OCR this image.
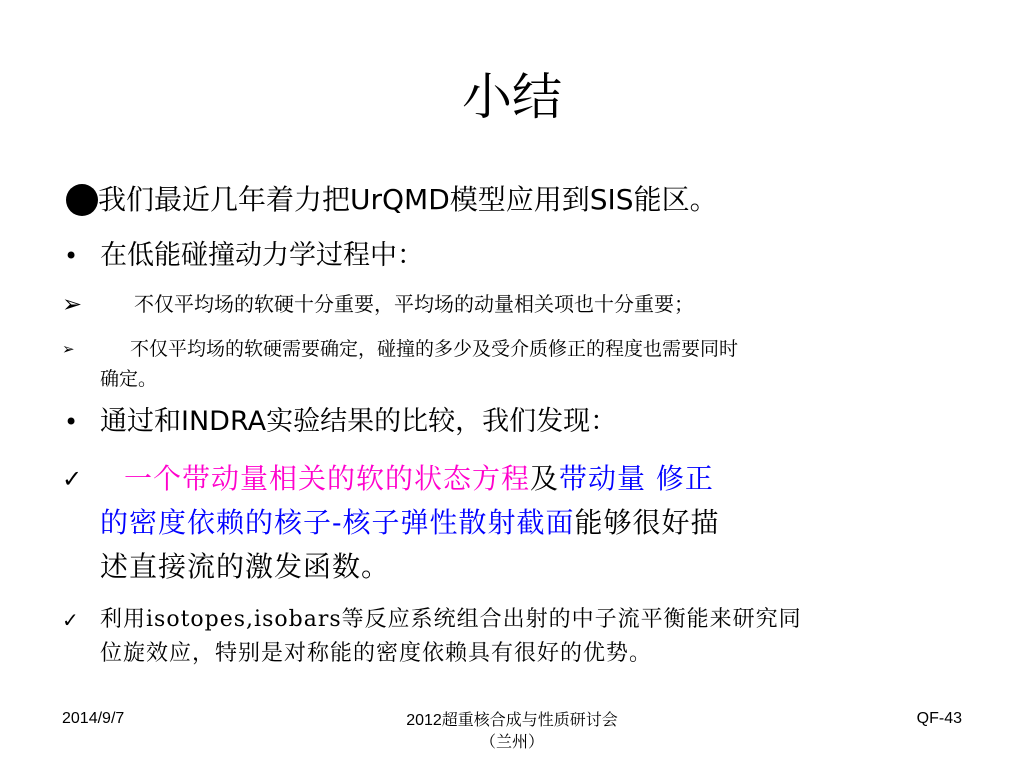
小结
我们最近几年着力把UrQMD模型应用到SIS能区。
• 在低能碰撞动力学过程中：
➢	不仅平均场的软硬十分重要，平均场的动量相关项也十分重要；
➢	不仅平均场的软硬需要确定，碰撞的多少及受介质修正的程度也需要同时
确定。
• 通过和INDRA实验结果的比较，我们发现：
✓ 一个带动量相关的软的状态方程及带动量 修正
的密度依赖的核子-核子弹性散射截面能够很好描
述直接流的激发函数。
✓ 利用isotopes,isobars等反应系统组合出射的中子流平衡能来研究同
位旋效应，特别是对称能的密度依赖具有很好的优势。
2014/9/7	2012超重核合成与性质研讨会
（兰州）
QF-43
